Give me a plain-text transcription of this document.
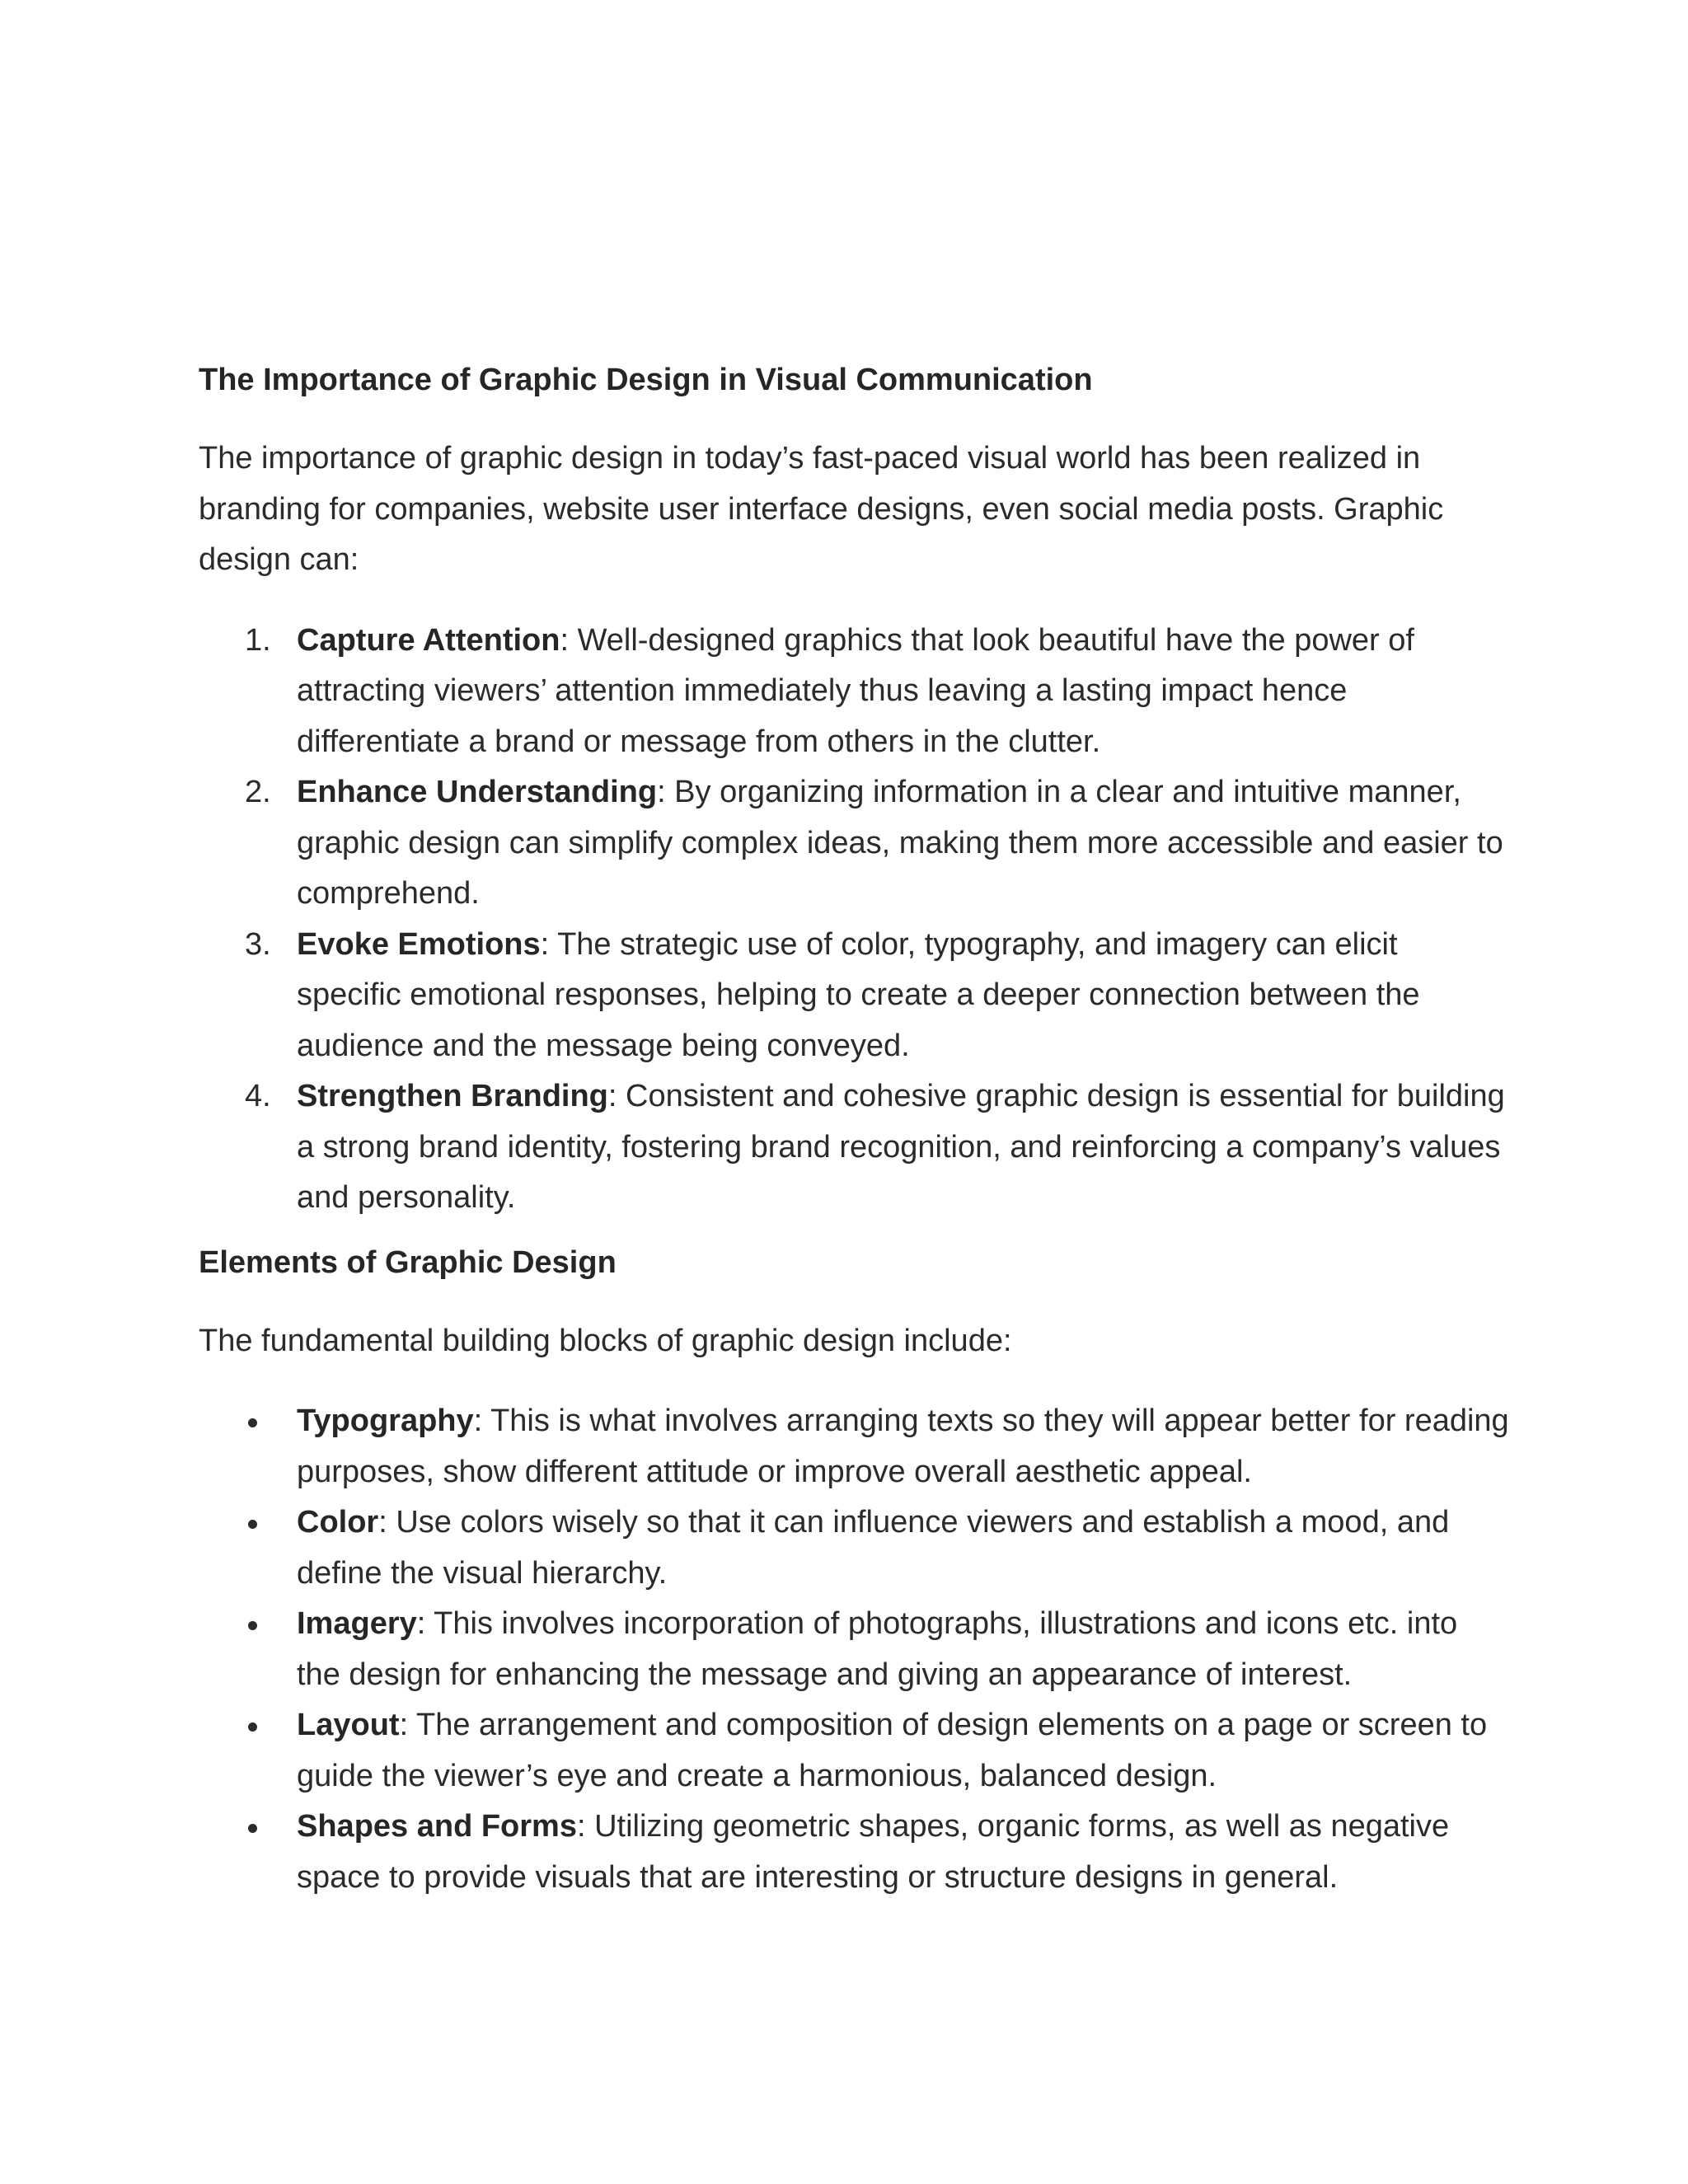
The Importance of Graphic Design in Visual Communication

The importance of graphic design in today’s fast-paced visual world has been realized in branding for companies, website user interface designs, even social media posts. Graphic design can:

1. Capture Attention: Well-designed graphics that look beautiful have the power of attracting viewers’ attention immediately thus leaving a lasting impact hence differentiate a brand or message from others in the clutter.
2. Enhance Understanding: By organizing information in a clear and intuitive manner, graphic design can simplify complex ideas, making them more accessible and easier to comprehend.
3. Evoke Emotions: The strategic use of color, typography, and imagery can elicit specific emotional responses, helping to create a deeper connection between the audience and the message being conveyed.
4. Strengthen Branding: Consistent and cohesive graphic design is essential for building a strong brand identity, fostering brand recognition, and reinforcing a company’s values and personality.
Elements of Graphic Design

The fundamental building blocks of graphic design include:

Typography: This is what involves arranging texts so they will appear better for reading purposes, show different attitude or improve overall aesthetic appeal.
Color: Use colors wisely so that it can influence viewers and establish a mood, and define the visual hierarchy.
Imagery: This involves incorporation of photographs, illustrations and icons etc. into the design for enhancing the message and giving an appearance of interest.
Layout: The arrangement and composition of design elements on a page or screen to guide the viewer’s eye and create a harmonious, balanced design.
Shapes and Forms: Utilizing geometric shapes, organic forms, as well as negative space to provide visuals that are interesting or structure designs in general.
